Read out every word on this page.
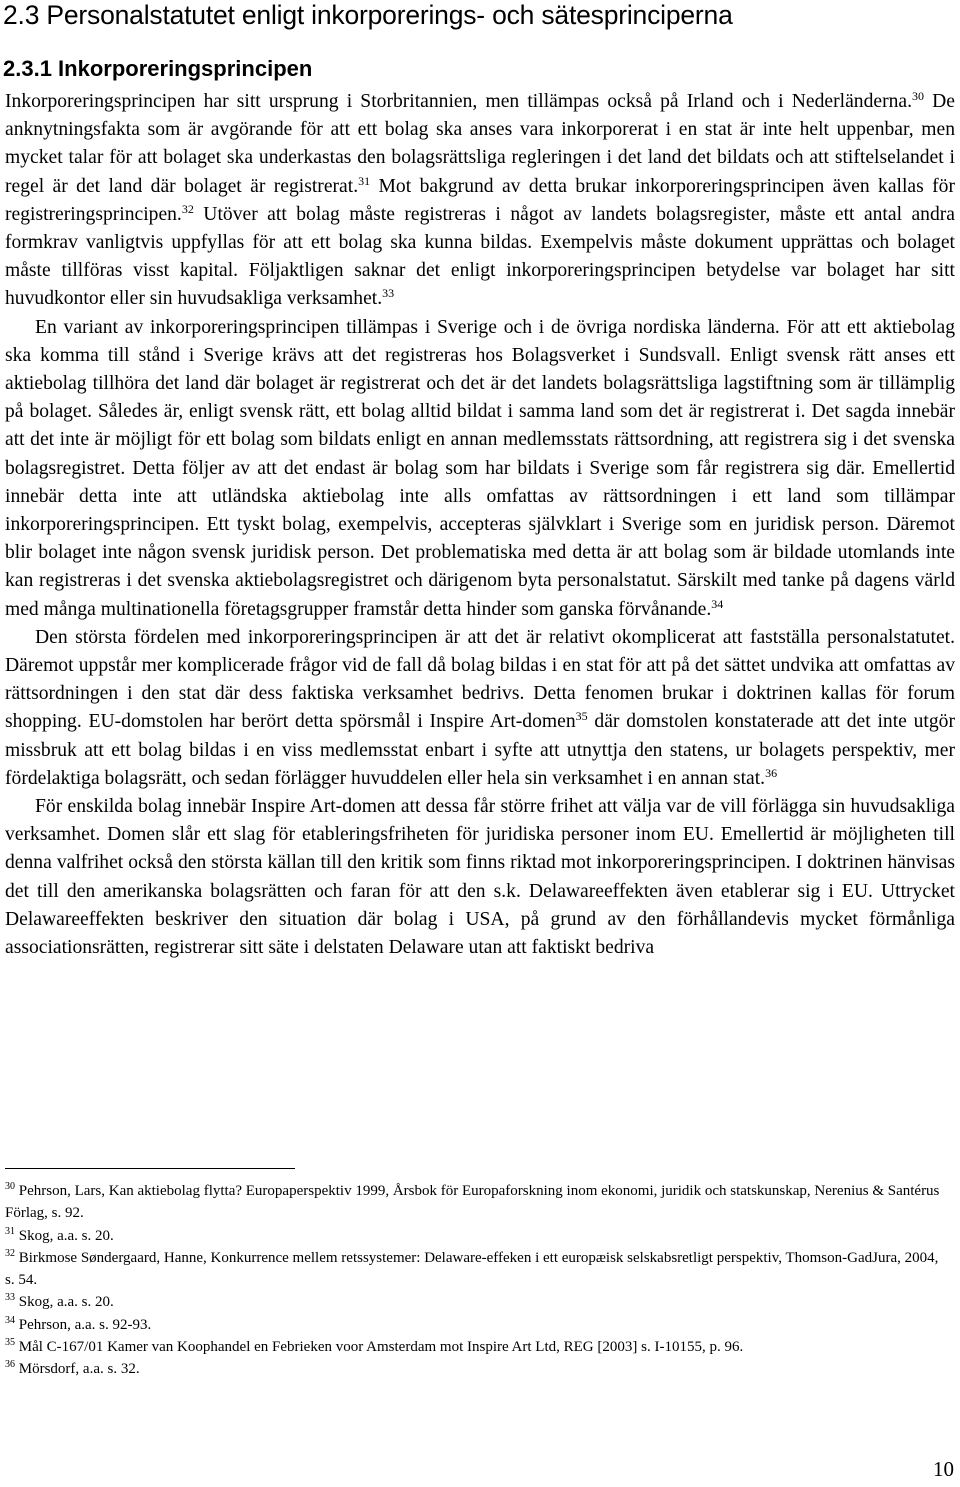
2.3 Personalstatutet enligt inkorporerings- och sätesprinciperna
2.3.1 Inkorporeringsprincipen

Inkorporeringsprincipen har sitt ursprung i Storbritannien, men tillämpas också på Irland och i Nederländerna.$^{30}$ De anknytningsfakta som är avgörande för att ett bolag ska anses vara inkorporerat i en stat är inte helt uppenbar, men mycket talar för att bolaget ska underkastas den bolagsrättsliga regleringen i det land det bildats och att stiftelselandet i regel är det land där bolaget är registrerat.$^{31}$ Mot bakgrund av detta brukar inkorporeringsprincipen även kallas för registreringsprincipen.$^{32}$ Utöver att bolag måste registreras i något av landets bolagsregister, måste ett antal andra formkrav vanligtvis uppfyllas för att ett bolag ska kunna bildas. Exempelvis måste dokument upprättas och bolaget måste tillföras visst kapital. Följaktligen saknar det enligt inkorporeringsprincipen betydelse var bolaget har sitt huvudkontor eller sin huvudsakliga verksamhet.$^{33}$

En variant av inkorporeringsprincipen tillämpas i Sverige och i de övriga nordiska länderna. För att ett aktiebolag ska komma till stånd i Sverige krävs att det registreras hos Bolagsverket i Sundsvall. Enligt svensk rätt anses ett aktiebolag tillhöra det land där bolaget är registrerat och det är det landets bolagsrättsliga lagstiftning som är tillämplig på bolaget. Således är, enligt svensk rätt, ett bolag alltid bildat i samma land som det är registrerat i. Det sagda innebär att det inte är möjligt för ett bolag som bildats enligt en annan medlemsstats rättsordning, att registrera sig i det svenska bolagsregistret. Detta följer av att det endast är bolag som har bildats i Sverige som får registrera sig där. Emellertid innebär detta inte att utländska aktiebolag inte alls omfattas av rättsordningen i ett land som tillämpar inkorporeringsprincipen. Ett tyskt bolag, exempelvis, accepteras självklart i Sverige som en juridisk person. Däremot blir bolaget inte någon svensk juridisk person. Det problematiska med detta är att bolag som är bildade utomlands inte kan registreras i det svenska aktiebolagsregistret och därigenom byta personalstatut. Särskilt med tanke på dagens värld med många multinationella företagsgrupper framstår detta hinder som ganska förvånande.$^{34}$

Den största fördelen med inkorporeringsprincipen är att det är relativt okomplicerat att fastställa personalstatutet. Däremot uppstår mer komplicerade frågor vid de fall då bolag bildas i en stat för att på det sättet undvika att omfattas av rättsordningen i den stat där dess faktiska verksamhet bedrivs. Detta fenomen brukar i doktrinen kallas för forum shopping. EU-domstolen har berört detta spörsmål i Inspire Art-domen$^{35}$ där domstolen konstaterade att det inte utgör missbruk att ett bolag bildas i en viss medlemsstat enbart i syfte att utnyttja den statens, ur bolagets perspektiv, mer fördelaktiga bolagsrätt, och sedan förlägger huvuddelen eller hela sin verksamhet i en annan stat.$^{36}$

För enskilda bolag innebär Inspire Art-domen att dessa får större frihet att välja var de vill förlägga sin huvudsakliga verksamhet. Domen slår ett slag för etableringsfriheten för juridiska personer inom EU. Emellertid är möjligheten till denna valfrihet också den största källan till den kritik som finns riktad mot inkorporeringsprincipen. I doktrinen hänvisas det till den amerikanska bolagsrätten och faran för att den s.k. Delawareeffekten även etablerar sig i EU. Uttrycket Delawareeffekten beskriver den situation där bolag i USA, på grund av den förhållandevis mycket förmånliga associationsrätten, registrerar sitt säte i delstaten Delaware utan att faktiskt bedriva

$^{30}$ Pehrson, Lars, Kan aktiebolag flytta? Europaperspektiv 1999, Årsbok för Europaforskning inom ekonomi, juridik och statskunskap, Nerenius & Santérus Förlag, s. 92.

$^{31}$ Skog, a.a. s. 20.

$^{32}$ Birkmose Søndergaard, Hanne, Konkurrence mellem retssystemer: Delaware-effeken i ett europæisk selskabsretligt perspektiv, Thomson-GadJura, 2004, s. 54.

$^{33}$ Skog, a.a. s. 20.

$^{34}$ Pehrson, a.a. s. 92-93.

$^{35}$ Mål C-167/01 Kamer van Koophandel en Febrieken voor Amsterdam mot Inspire Art Ltd, REG [2003] s. I-10155, p. 96.

$^{36}$ Mörsdorf, a.a. s. 32.

10
